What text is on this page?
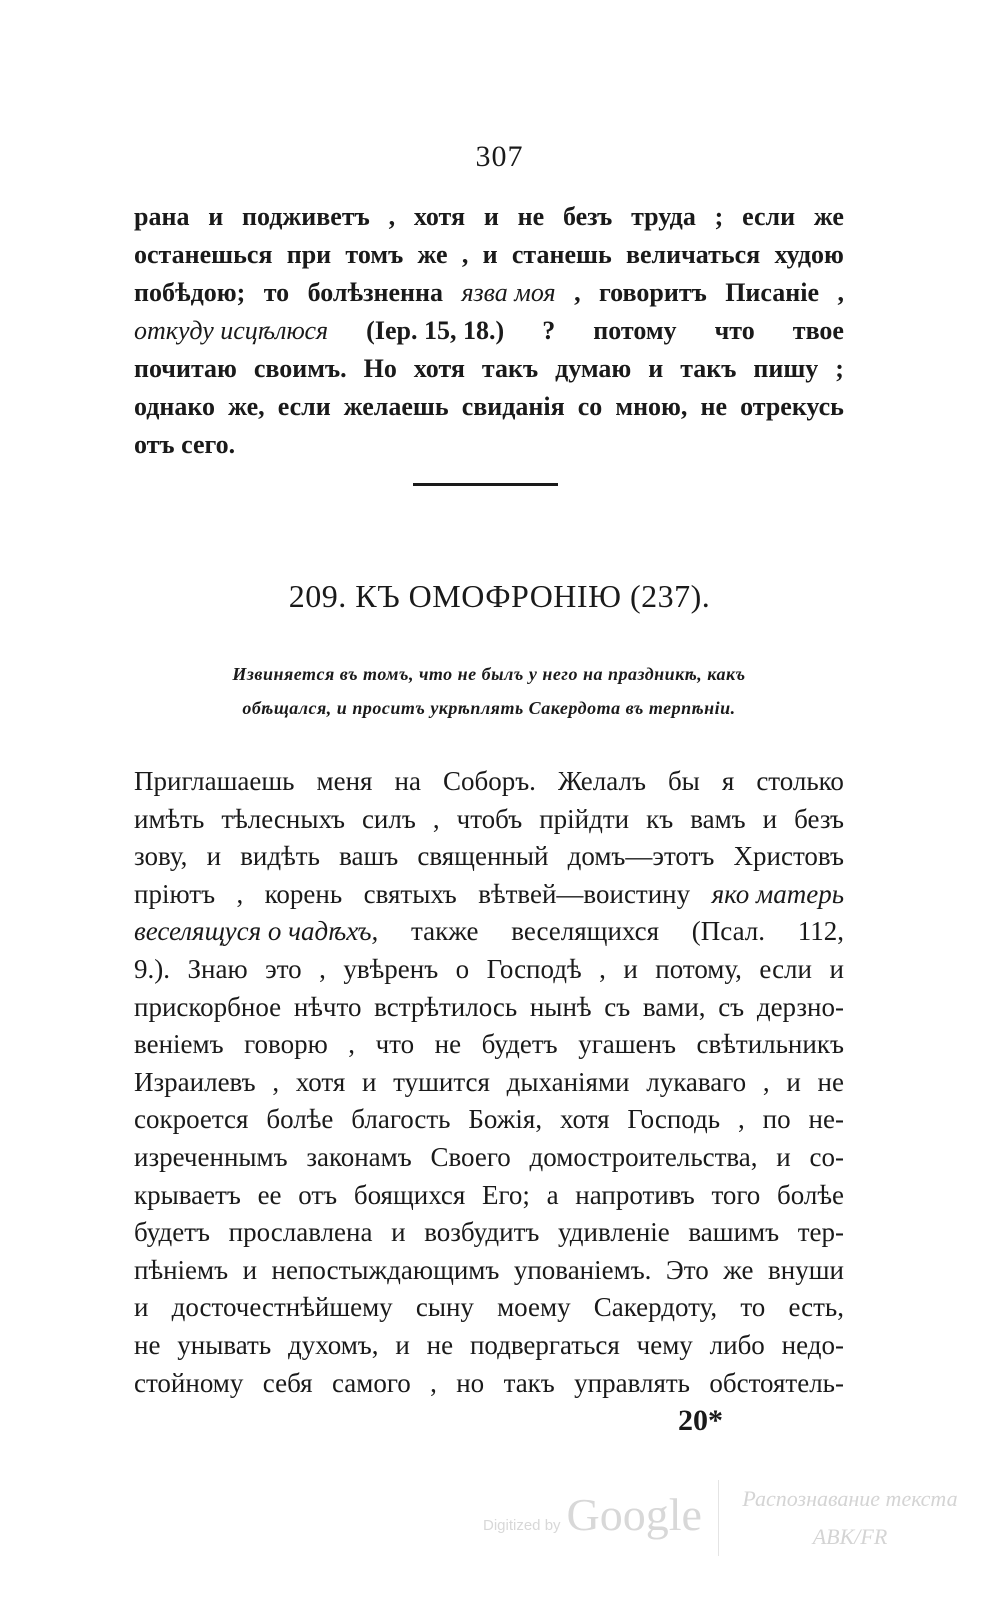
307
рана и подживетъ , хотя и не безъ труда ; если же
останешься при томъ же , и станешь величаться худою
побѣдою; то болѣзненна язва моя , говоритъ Писаніе ,
откуду исцѣлюся (Іер. 15, 18.) ? потому что твое
почитаю своимъ. Но хотя такъ думаю и такъ пишу ;
однако же, если желаешь свиданія со мною, не отрекусь
отъ сего.
209. КЪ ОМОФРОНІЮ (237).
Извиняется въ томъ, что не былъ у него на праздникѣ, какъ
обѣщался, и проситъ укрѣплять Сакердота въ терпѣніи.
Приглашаешь меня на Соборъ. Желалъ бы я столько
имѣть тѣлесныхъ силъ , чтобъ прійдти къ вамъ и безъ
зову, и видѣть вашъ священный домъ—этотъ Христовъ
пріютъ , корень святыхъ вѣтвей—воистину яко матерь
веселящуся о чадѣхъ, также веселящихся (Псал. 112,
9.). Знаю это , увѣренъ о Господѣ , и потому, если и
прискорбное нѣчто встрѣтилось нынѣ съ вами, съ дерзно-
веніемъ говорю , что не будетъ угашенъ свѣтильникъ
Израилевъ , хотя и тушится дыханіями лукаваго , и не
сокроется болѣе благость Божія, хотя Господь , по не-
изреченнымъ законамъ Своего домостроительства, и со-
крываетъ ее отъ боящихся Его; а напротивъ того болѣе
будетъ прославлена и возбудитъ удивленіе вашимъ тер-
пѣніемъ и непостыждающимъ упованіемъ. Это же внуши
и досточестнѣйшему сыну моему Сакердоту, то есть,
не унывать духомъ, и не подвергаться чему либо недо-
стойному себя самого , но такъ управлять обстоятель-
20*
Digitized by Google	Распознавание текста
ABK/FR
